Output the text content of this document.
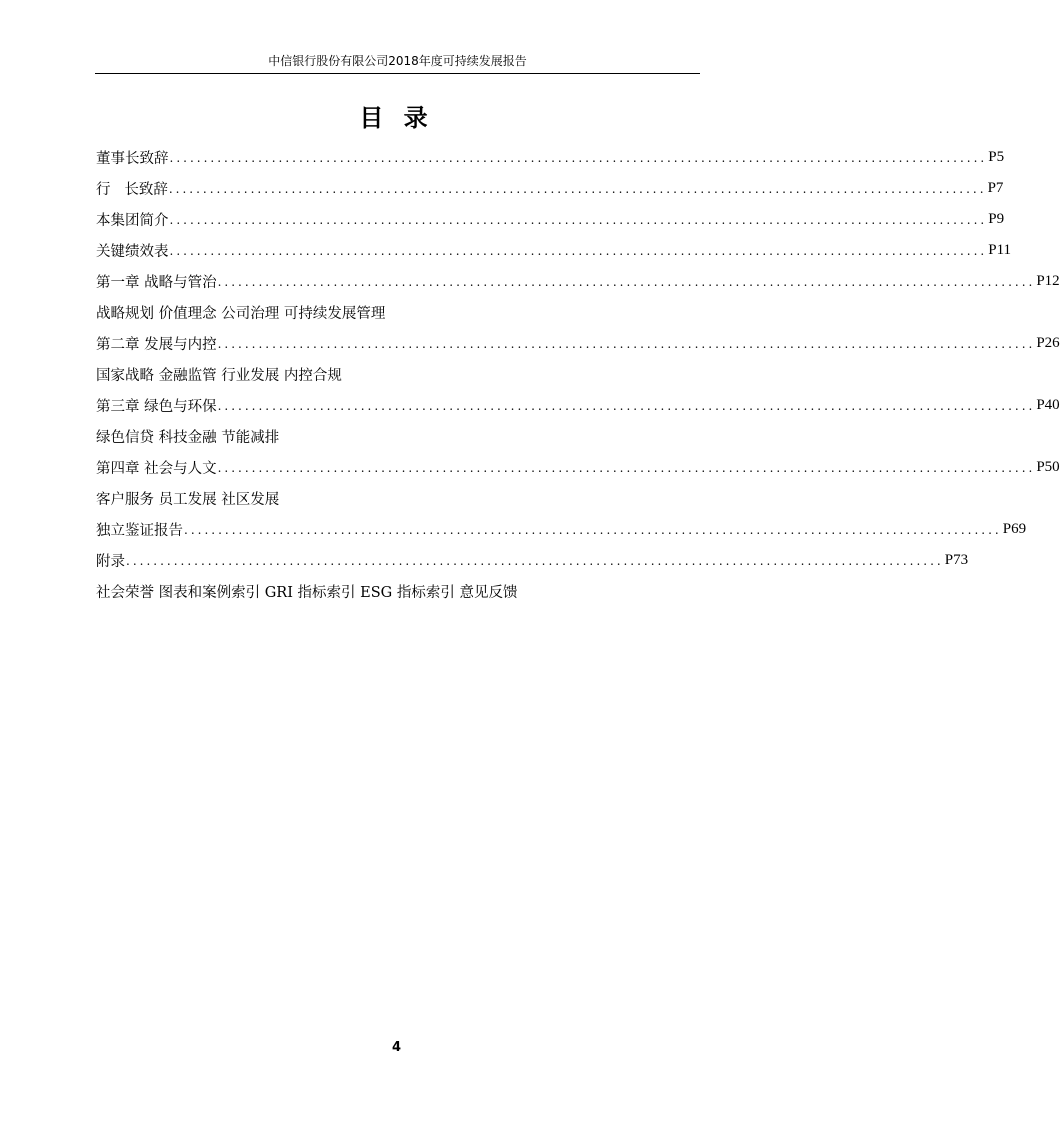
中信银行股份有限公司2018年度可持续发展报告
目 录
董事长致辞 ........................................................................................................................ P5
行   长致辞 ........................................................................................................................ P7
本集团简介 ........................................................................................................................ P9
关键绩效表 ........................................................................................................................ P11
第一章 战略与管治 ........................................................................................................................ P12
战略规划 价值理念 公司治理 可持续发展管理
第二章 发展与内控 ........................................................................................................................ P26
国家战略 金融监管 行业发展 内控合规
第三章 绿色与环保 ........................................................................................................................ P40
绿色信贷 科技金融 节能减排
第四章 社会与人文 ........................................................................................................................ P50
客户服务 员工发展 社区发展
独立鉴证报告 ........................................................................................................................ P69
附录 ........................................................................................................................ P73
社会荣誉 图表和案例索引 GRI 指标索引 ESG 指标索引 意见反馈
4
